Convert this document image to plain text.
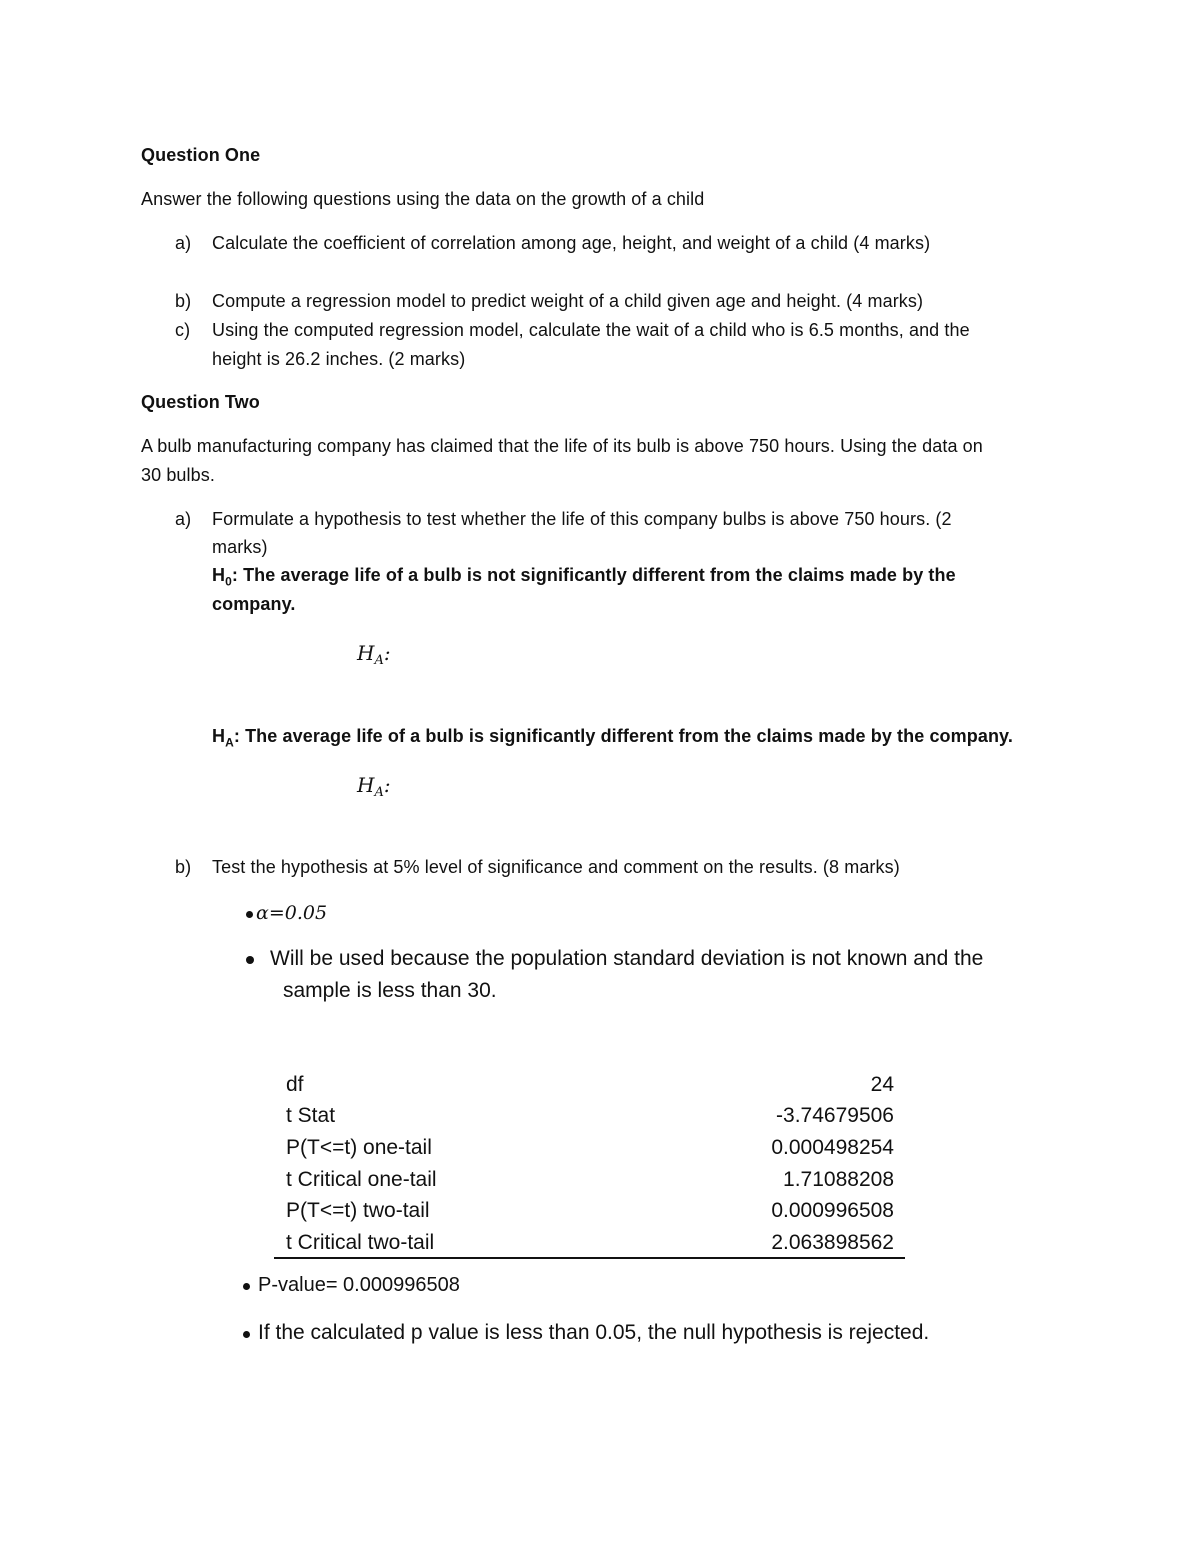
Question One
Answer the following questions using the data on the growth of a child
a) Calculate the coefficient of correlation among age, height, and weight of a child (4 marks)
b) Compute a regression model to predict weight of a child given age and height. (4 marks)
c) Using the computed regression model, calculate the wait of a child who is 6.5 months, and the
height is 26.2 inches. (2 marks)
Question Two
A bulb manufacturing company has claimed that the life of its bulb is above 750 hours. Using the data on
30 bulbs.
a) Formulate a hypothesis to test whether the life of this company bulbs is above 750 hours. (2
marks)
$H_0$: The average life of a bulb is not significantly different from the claims made by the
company.
$H_A$:
$H_A$: The average life of a bulb is significantly different from the claims made by the company.
$H_A$:
b) Test the hypothesis at 5% level of significance and comment on the results. (8 marks)
α=0.05
Will be used because the population standard deviation is not known and the
sample is less than 30.
df	24
t Stat	-3.74679506
P(T<=t) one-tail	0.000498254
t Critical one-tail	1.71088208
P(T<=t) two-tail	0.000996508
t Critical two-tail	2.063898562
P-value= 0.000996508
If the calculated p value is less than 0.05, the null hypothesis is rejected.
